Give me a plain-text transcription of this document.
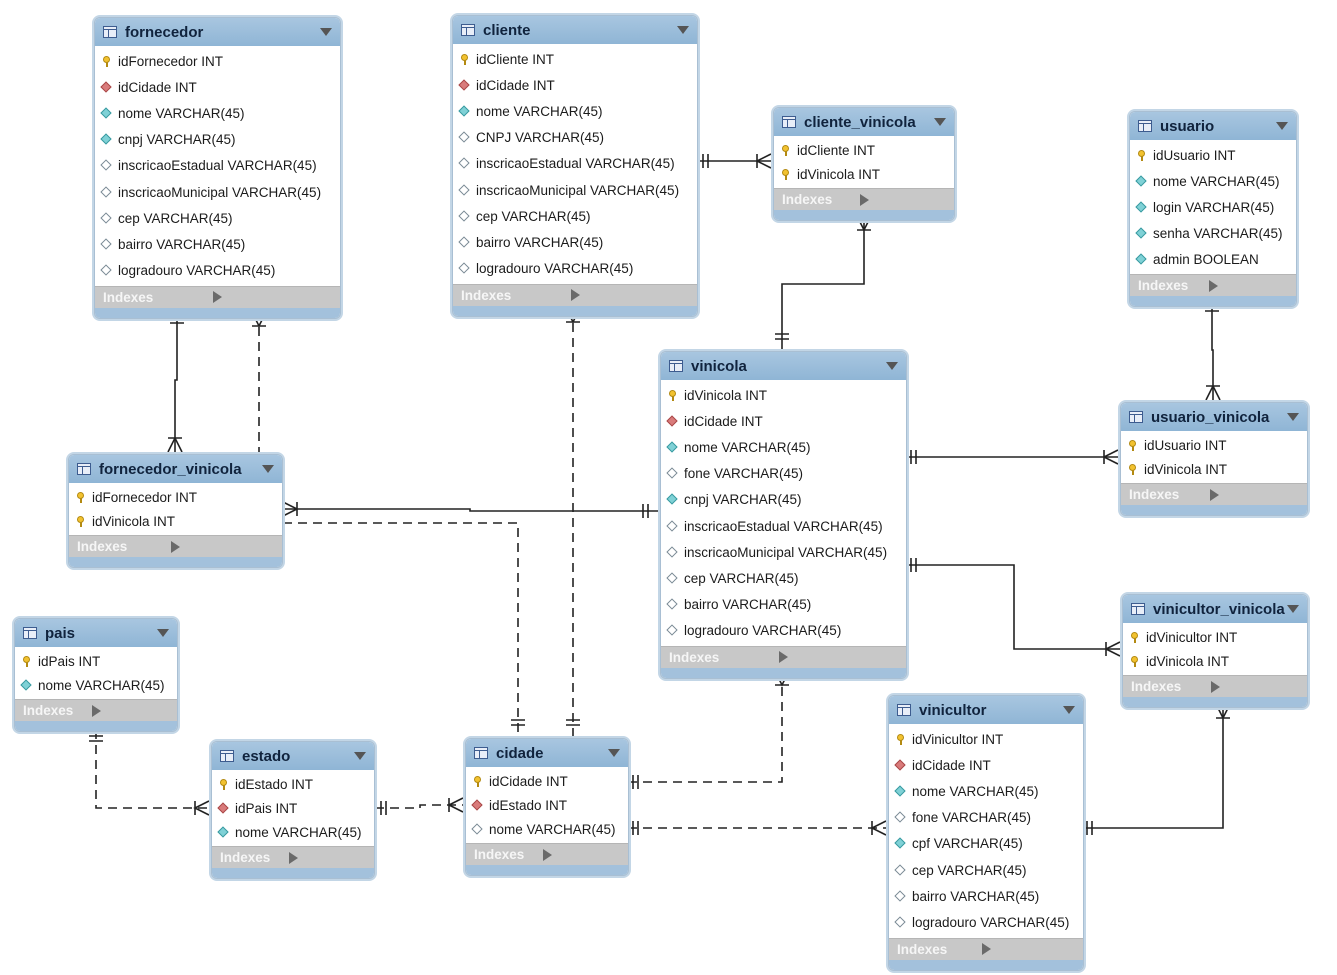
fornecedor
idFornecedor INT
idCidade INT
nome VARCHAR(45)
cnpj VARCHAR(45)
inscricaoEstadual VARCHAR(45)
inscricaoMunicipal VARCHAR(45)
cep VARCHAR(45)
bairro VARCHAR(45)
logradouro VARCHAR(45)
Indexes
cliente
idCliente INT
idCidade INT
nome VARCHAR(45)
CNPJ VARCHAR(45)
inscricaoEstadual VARCHAR(45)
inscricaoMunicipal VARCHAR(45)
cep VARCHAR(45)
bairro VARCHAR(45)
logradouro VARCHAR(45)
Indexes
cliente_vinicola
idCliente INT
idVinicola INT
Indexes
usuario
idUsuario INT
nome VARCHAR(45)
login VARCHAR(45)
senha VARCHAR(45)
admin BOOLEAN
Indexes
vinicola
idVinicola INT
idCidade INT
nome VARCHAR(45)
fone VARCHAR(45)
cnpj VARCHAR(45)
inscricaoEstadual VARCHAR(45)
inscricaoMunicipal VARCHAR(45)
cep VARCHAR(45)
bairro VARCHAR(45)
logradouro VARCHAR(45)
Indexes
usuario_vinicola
idUsuario INT
idVinicola INT
Indexes
fornecedor_vinicola
idFornecedor INT
idVinicola INT
Indexes
pais
idPais INT
nome VARCHAR(45)
Indexes
estado
idEstado INT
idPais INT
nome VARCHAR(45)
Indexes
cidade
idCidade INT
idEstado INT
nome VARCHAR(45)
Indexes
vinicultor_vinicola
idVinicultor INT
idVinicola INT
Indexes
vinicultor
idVinicultor INT
idCidade INT
nome VARCHAR(45)
fone VARCHAR(45)
cpf VARCHAR(45)
cep VARCHAR(45)
bairro VARCHAR(45)
logradouro VARCHAR(45)
Indexes
